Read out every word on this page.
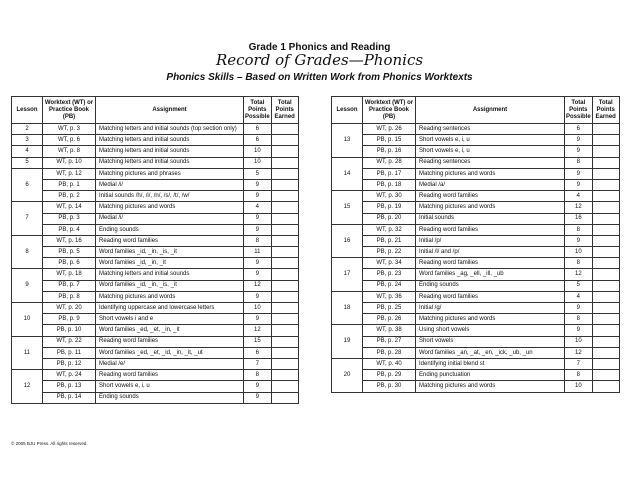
Grade 1 Phonics and Reading
Record of Grades—Phonics
Phonics Skills – Based on Written Work from Phonics Worktexts
Lesson	Worktext (WT) or Practice Book (PB)	Assignment	Total Points Possible	Total Points Earned
2	WT, p. 3	Matching letters and initial sounds (top section only)	6	
3	WT, p. 6	Matching letters and initial sounds	6	
4	WT, p. 8	Matching letters and initial sounds	10	
5	WT, p. 10	Matching letters and initial sounds	10	
6	WT, p. 12	Matching pictures and phrases	5	
	PB, p. 1	Medial /i/	9	
	PB, p. 2	Initial sounds /h/, /i/, /n/, /s/, /t/, /w/	9	
7	WT, p. 14	Matching pictures and words	4	
	PB, p. 3	Medial /i/	9	
	PB, p. 4	Ending sounds	9	
8	WT, p. 16	Reading word families	8	
	PB, p. 5	Word families _id, _in, _is, _it	11	
	PB, p. 6	Word families _id, _in, _it	9	
9	WT, p. 18	Matching letters and initial sounds	9	
	PB, p. 7	Word families _id, _in, _is, _it	12	
	PB, p. 8	Matching pictures and words	9	
10	WT, p. 20	Identifying uppercase and lowercase letters	10	
	PB, p. 9	Short vowels i and e	9	
	PB, p. 10	Word families _ed, _et, _in, _it	12	
11	WT, p. 22	Reading word families	15	
	PB, p. 11	Word families _ed, _et, _id, _in, _it, _ut	6	
	PB, p. 12	Medial /e/	7	
12	WT, p. 24	Reading word families	8	
	PB, p. 13	Short vowels e, i, u	9	
	PB, p. 14	Ending sounds	9	
Lesson	Worktext (WT) or Practice Book (PB)	Assignment	Total Points Possible	Total Points Earned
13	WT, p. 26	Reading sentences	6	
	PB, p. 15	Short vowels e, i, u	9	
	PB, p. 16	Short vowels e, i, u	9	
14	WT, p. 28	Reading sentences	8	
	PB, p. 17	Matching pictures and words	9	
	PB, p. 18	Medial /a/	9	
15	WT, p. 30	Reading word families	4	
	PB, p. 19	Matching pictures and words	12	
	PB, p. 20	Initial sounds	16	
16	WT, p. 32	Reading word families	8	
	PB, p. 21	Initial /p/	9	
	PB, p. 22	Initial /l/ and /p/	10	
17	WT, p. 34	Reading word families	8	
	PB, p. 23	Word families _ag, _ell, _ill, _ub	12	
	PB, p. 24	Ending sounds	5	
18	WT, p. 36	Reading word families	4	
	PB, p. 25	Initial /g/	9	
	PB, p. 26	Matching pictures and words	8	
19	WT, p. 38	Using short vowels	9	
	PB, p. 27	Short vowels	10	
	PB, p. 28	Word families _an, _at, _en, _ick, _ub, _un	12	
20	WT, p. 40	Identifying initial blend st	7	
	PB, p. 29	Ending punctuation	8	
	PB, p. 30	Matching pictures and words	10	
© 2005 BJU Press. All rights reserved.
